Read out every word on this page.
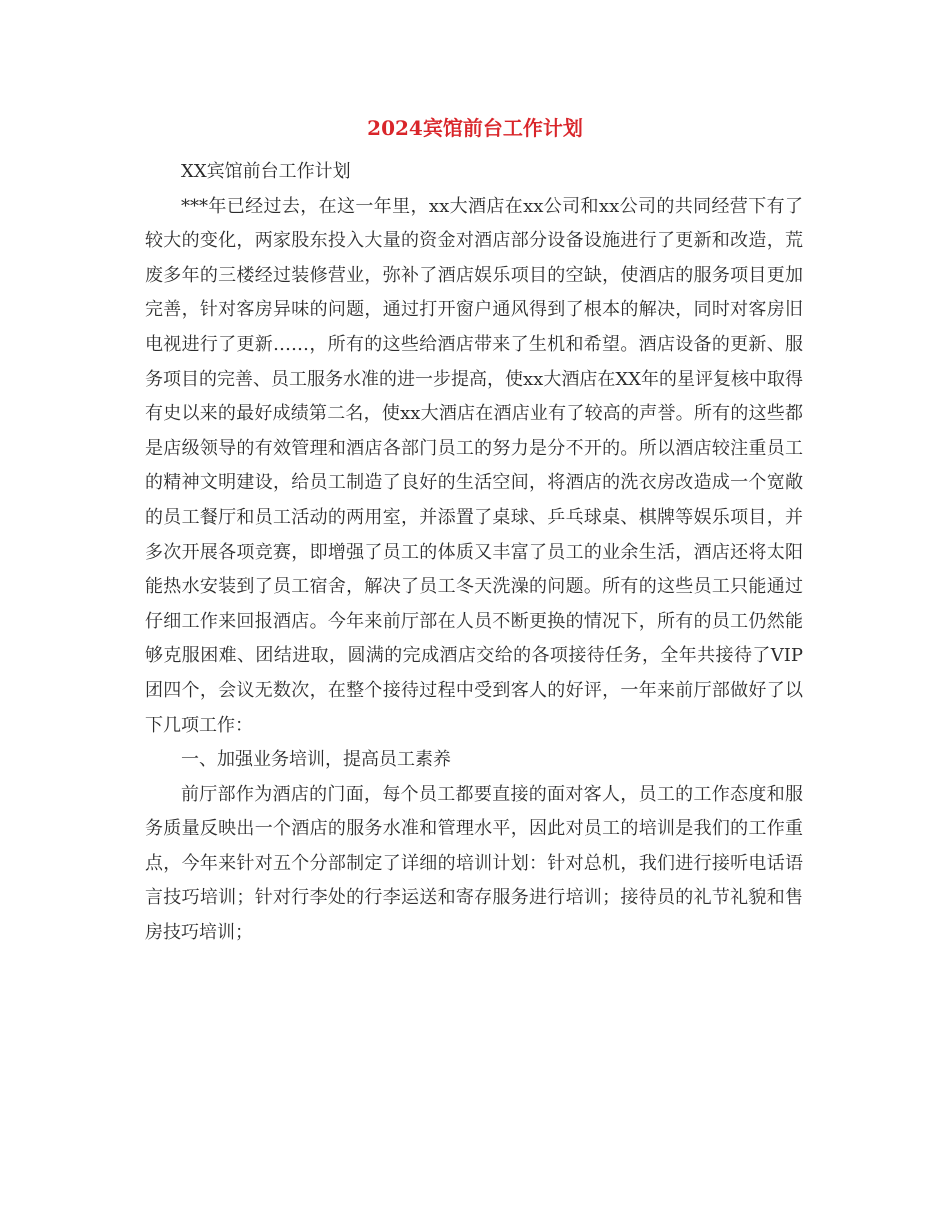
2024宾馆前台工作计划

XX宾馆前台工作计划

***年已经过去，在这一年里，xx大酒店在xx公司和xx公司的共同经营下有了较大的变化，两家股东投入大量的资金对酒店部分设备设施进行了更新和改造，荒废多年的三楼经过装修营业，弥补了酒店娱乐项目的空缺，使酒店的服务项目更加完善，针对客房异味的问题，通过打开窗户通风得到了根本的解决，同时对客房旧电视进行了更新……，所有的这些给酒店带来了生机和希望。酒店设备的更新、服务项目的完善、员工服务水准的进一步提高，使xx大酒店在XX年的星评复核中取得有史以来的最好成绩第二名，使xx大酒店在酒店业有了较高的声誉。所有的这些都是店级领导的有效管理和酒店各部门员工的努力是分不开的。所以酒店较注重员工的精神文明建设，给员工制造了良好的生活空间，将酒店的洗衣房改造成一个宽敞的员工餐厅和员工活动的两用室，并添置了桌球、乒乓球桌、棋牌等娱乐项目，并多次开展各项竞赛，即增强了员工的体质又丰富了员工的业余生活，酒店还将太阳能热水安装到了员工宿舍，解决了员工冬天洗澡的问题。所有的这些员工只能通过仔细工作来回报酒店。今年来前厅部在人员不断更换的情况下，所有的员工仍然能够克服困难、团结进取，圆满的完成酒店交给的各项接待任务，全年共接待了VIP团四个，会议无数次，在整个接待过程中受到客人的好评，一年来前厅部做好了以下几项工作：

一、加强业务培训，提高员工素养

前厅部作为酒店的门面，每个员工都要直接的面对客人，员工的工作态度和服务质量反映出一个酒店的服务水准和管理水平，因此对员工的培训是我们的工作重点，今年来针对五个分部制定了详细的培训计划：针对总机，我们进行接听电话语言技巧培训；针对行李处的行李运送和寄存服务进行培训；接待员的礼节礼貌和售房技巧培训；
